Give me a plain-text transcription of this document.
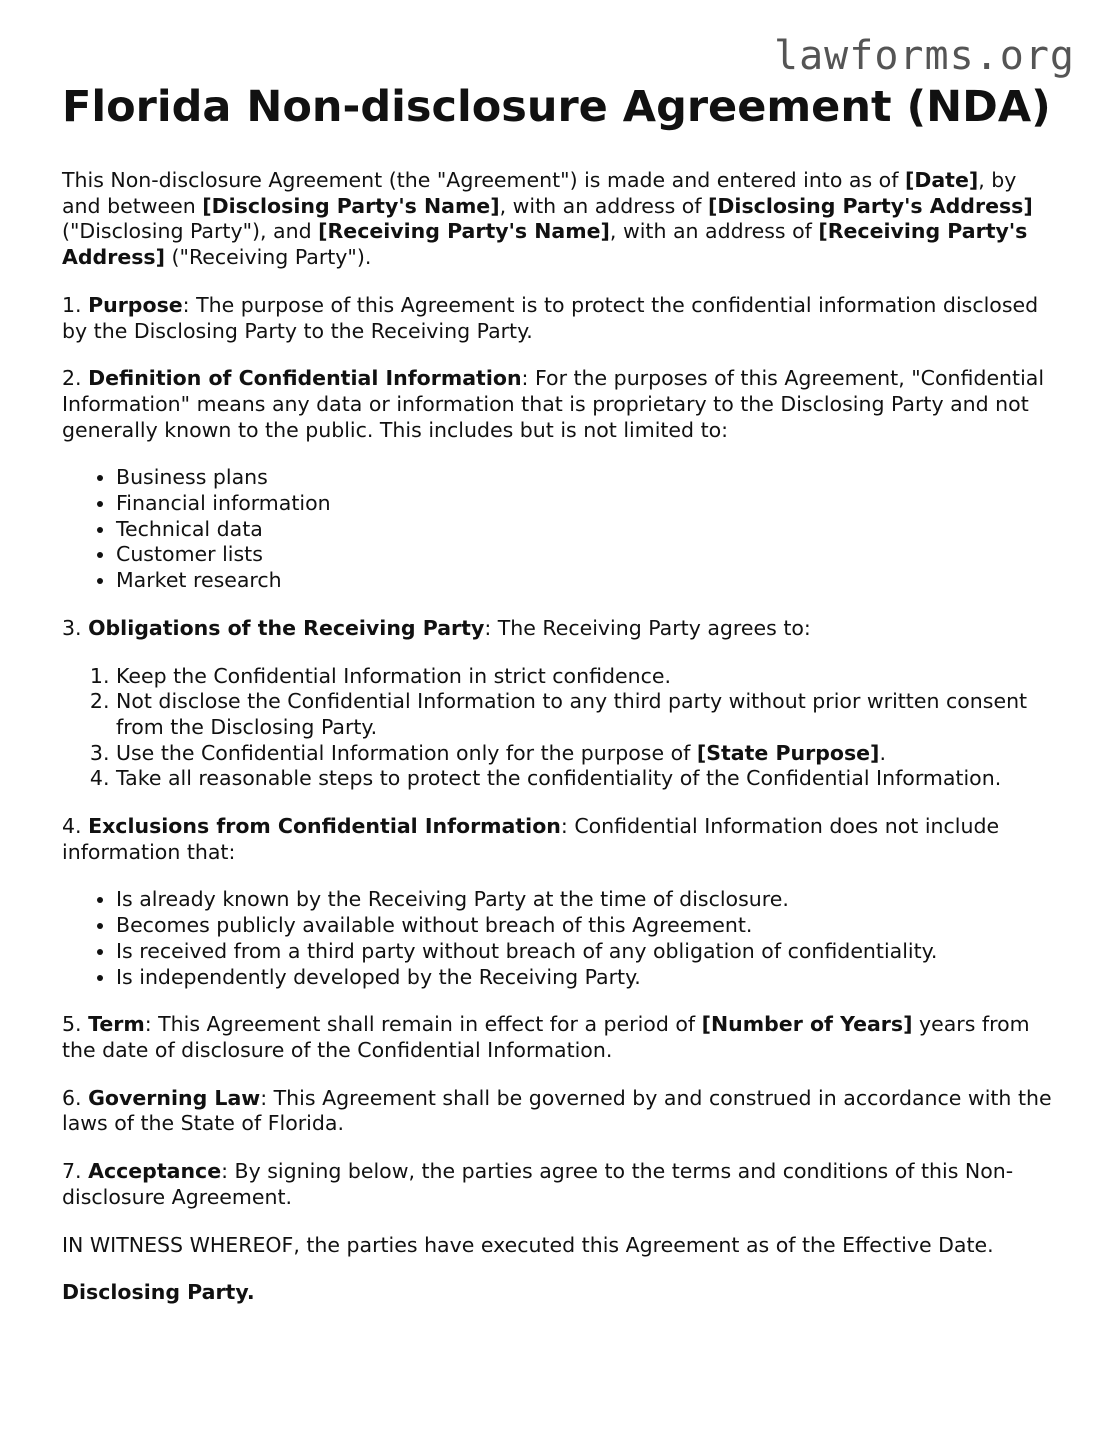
lawforms.org
Florida Non-disclosure Agreement (NDA)

This Non-disclosure Agreement (the "Agreement") is made and entered into as of [Date], by and between [Disclosing Party's Name], with an address of [Disclosing Party's Address] ("Disclosing Party"), and [Receiving Party's Name], with an address of [Receiving Party's Address] ("Receiving Party").

1. Purpose: The purpose of this Agreement is to protect the confidential information disclosed by the Disclosing Party to the Receiving Party.

2. Definition of Confidential Information: For the purposes of this Agreement, "Confidential Information" means any data or information that is proprietary to the Disclosing Party and not generally known to the public. This includes but is not limited to:

• Business plans
• Financial information
• Technical data
• Customer lists
• Market research

3. Obligations of the Receiving Party: The Receiving Party agrees to:

1. Keep the Confidential Information in strict confidence.
2. Not disclose the Confidential Information to any third party without prior written consent from the Disclosing Party.
3. Use the Confidential Information only for the purpose of [State Purpose].
4. Take all reasonable steps to protect the confidentiality of the Confidential Information.

4. Exclusions from Confidential Information: Confidential Information does not include information that:

• Is already known by the Receiving Party at the time of disclosure.
• Becomes publicly available without breach of this Agreement.
• Is received from a third party without breach of any obligation of confidentiality.
• Is independently developed by the Receiving Party.

5. Term: This Agreement shall remain in effect for a period of [Number of Years] years from the date of disclosure of the Confidential Information.

6. Governing Law: This Agreement shall be governed by and construed in accordance with the laws of the State of Florida.

7. Acceptance: By signing below, the parties agree to the terms and conditions of this Non-disclosure Agreement.

IN WITNESS WHEREOF, the parties have executed this Agreement as of the Effective Date.

Disclosing Party.
